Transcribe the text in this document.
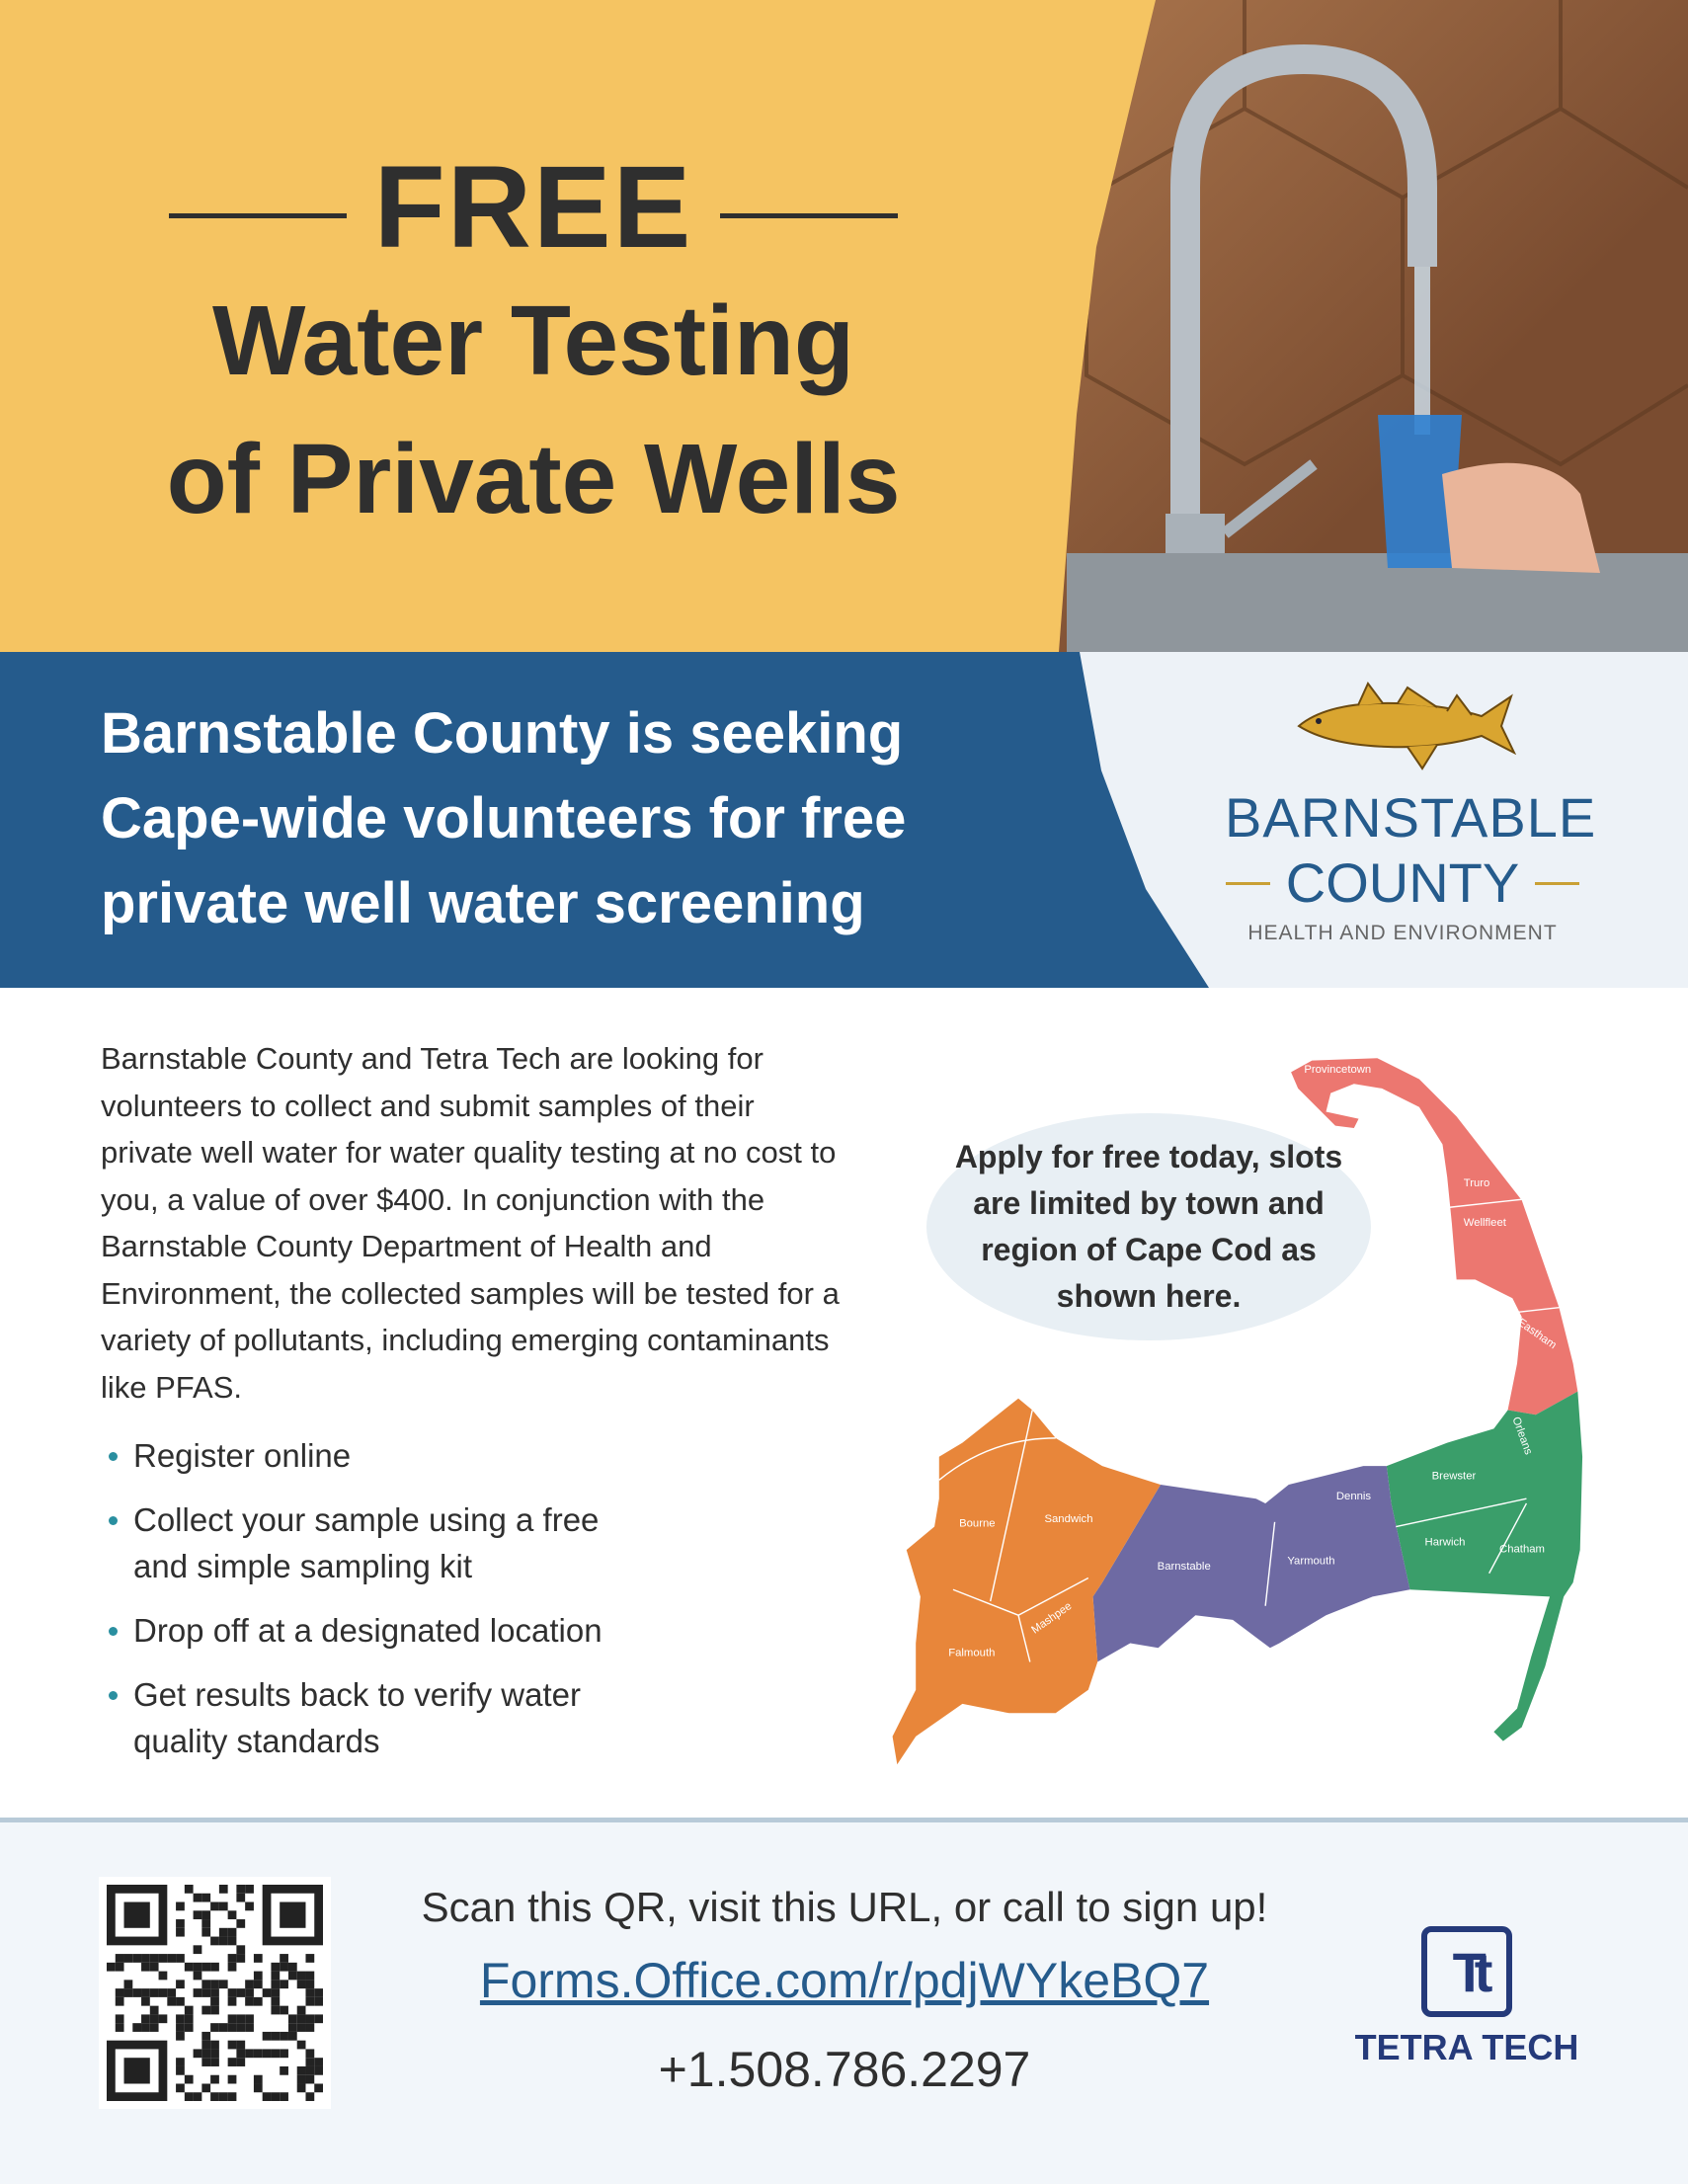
FREE
Water Testing
of Private Wells
Barnstable County is seeking
Cape-wide volunteers for free
private well water screening
BARNSTABLE
COUNTY
HEALTH AND ENVIRONMENT
Barnstable County and Tetra Tech are looking for volunteers to collect and submit samples of their private well water for water quality testing at no cost to you, a value of over $400. In conjunction with the Barnstable County Department of Health and Environment, the collected samples will be tested for a variety of pollutants, including emerging contaminants like PFAS.
Register online
Collect your sample using a free and simple sampling kit
Drop off at a designated location
Get results back to verify water quality standards
Provincetown
Truro
Wellfleet
Eastham
Orleans
Brewster
Harwich
Chatham
Dennis
Yarmouth
Barnstable
Bourne Sandwich
Mashpee
Falmouth
Apply for free today, slots are limited by town and region of Cape Cod as shown here.
Scan this QR, visit this URL, or call to sign up!
Forms.Office.com/r/pdjWYkeBQ7
+1.508.786.2297
Tt
TETRA TECH
